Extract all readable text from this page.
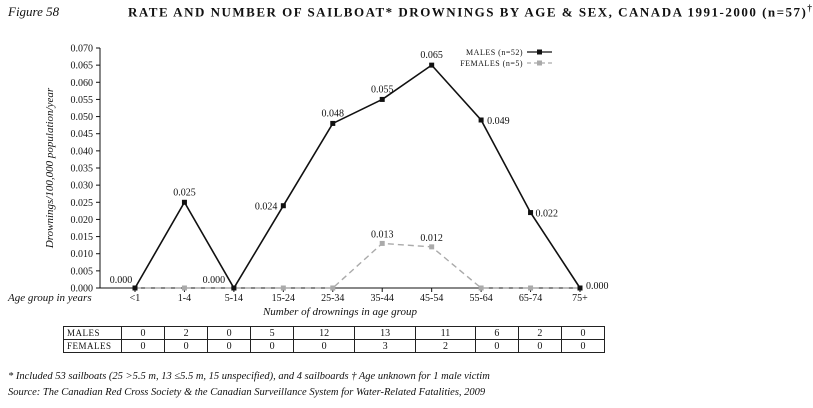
Figure 58	RATE AND NUMBER OF SAILBOAT* DROWNINGS BY AGE & SEX, CANADA 1991-2000 (n=57)†
0.000
0.005
0.010
0.015
0.020
0.025
0.030
0.035
0.040
0.045
0.050
0.055
0.060
0.065
0.070
<1	1-4	5-14	15-24	25-34	35-44	45-54	55-64	65-74	75+
Age group in years
Number of drownings in age group
Drownings/100,000 population/year
0.000
0.025
0.000
0.024
0.048
0.055
0.013
0.065
0.012
0.049
0.022
0.000
MALES (n=52)
FEMALES (n=5)
MALES	0	2	0	5	12	13	11	6	2	0
FEMALES	0	0	0	0	0	3	2	0	0	0
* Included 53 sailboats (25 >5.5 m, 13 ≤5.5 m, 15 unspecified), and 4 sailboards † Age unknown for 1 male victim
Source: The Canadian Red Cross Society & the Canadian Surveillance System for Water-Related Fatalities, 2009
